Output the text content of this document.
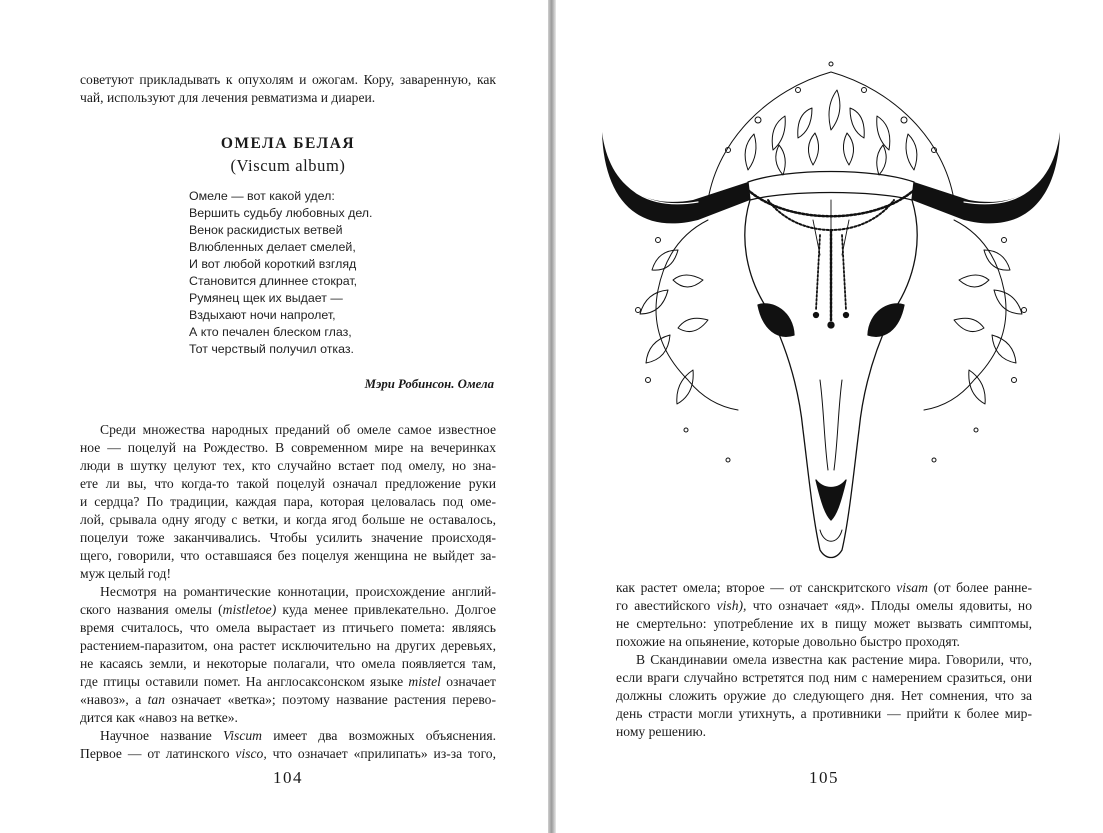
советуют прикладывать к опухолям и ожогам. Кору, заваренную, как
чай, используют для лечения ревматизма и диареи.
ОМЕЛА БЕЛАЯ
(Viscum album)
Омеле — вот какой удел:
Вершить судьбу любовных дел.
Венок раскидистых ветвей
Влюбленных делает смелей,
И вот любой короткий взгляд
Становится длиннее стократ,
Румянец щек их выдает —
Вздыхают ночи напролет,
А кто печален блеском глаз,
Тот черствый получил отказ.
Мэри Робинсон. Омела
Среди множества народных преданий об омеле самое известное
ное — поцелуй на Рождество. В современном мире на вечеринках
люди в шутку целуют тех, кто случайно встает под омелу, но зна-
ете ли вы, что когда-то такой поцелуй означал предложение руки
и сердца? По традиции, каждая пара, которая целовалась под оме-
лой, срывала одну ягоду с ветки, и когда ягод больше не оставалось,
поцелуи тоже заканчивались. Чтобы усилить значение происходя-
щего, говорили, что оставшаяся без поцелуя женщина не выйдет за-
муж целый год!
Несмотря на романтические коннотации, происхождение англий-
ского названия омелы (mistletoe) куда менее привлекательно. Долгое
время считалось, что омела вырастает из птичьего помета: являясь
растением-паразитом, она растет исключительно на других деревьях,
не касаясь земли, и некоторые полагали, что омела появляется там,
где птицы оставили помет. На англосаксонском языке mistel означает
«навоз», а tan означает «ветка»; поэтому название растения перево-
дится как «навоз на ветке».
Научное название Viscum имеет два возможных объяснения.
Первое — от латинского visco, что означает «прилипать» из-за того,
104
как растет омела; второе — от санскритского visam (от более ранне-
го авестийского vish), что означает «яд». Плоды омелы ядовиты, но
не смертельно: употребление их в пищу может вызвать симптомы,
похожие на опьянение, которые довольно быстро проходят.
В Скандинавии омела известна как растение мира. Говорили, что,
если враги случайно встретятся под ним с намерением сразиться, они
должны сложить оружие до следующего дня. Нет сомнения, что за
день страсти могли утихнуть, а противники — прийти к более мир-
ному решению.
105
